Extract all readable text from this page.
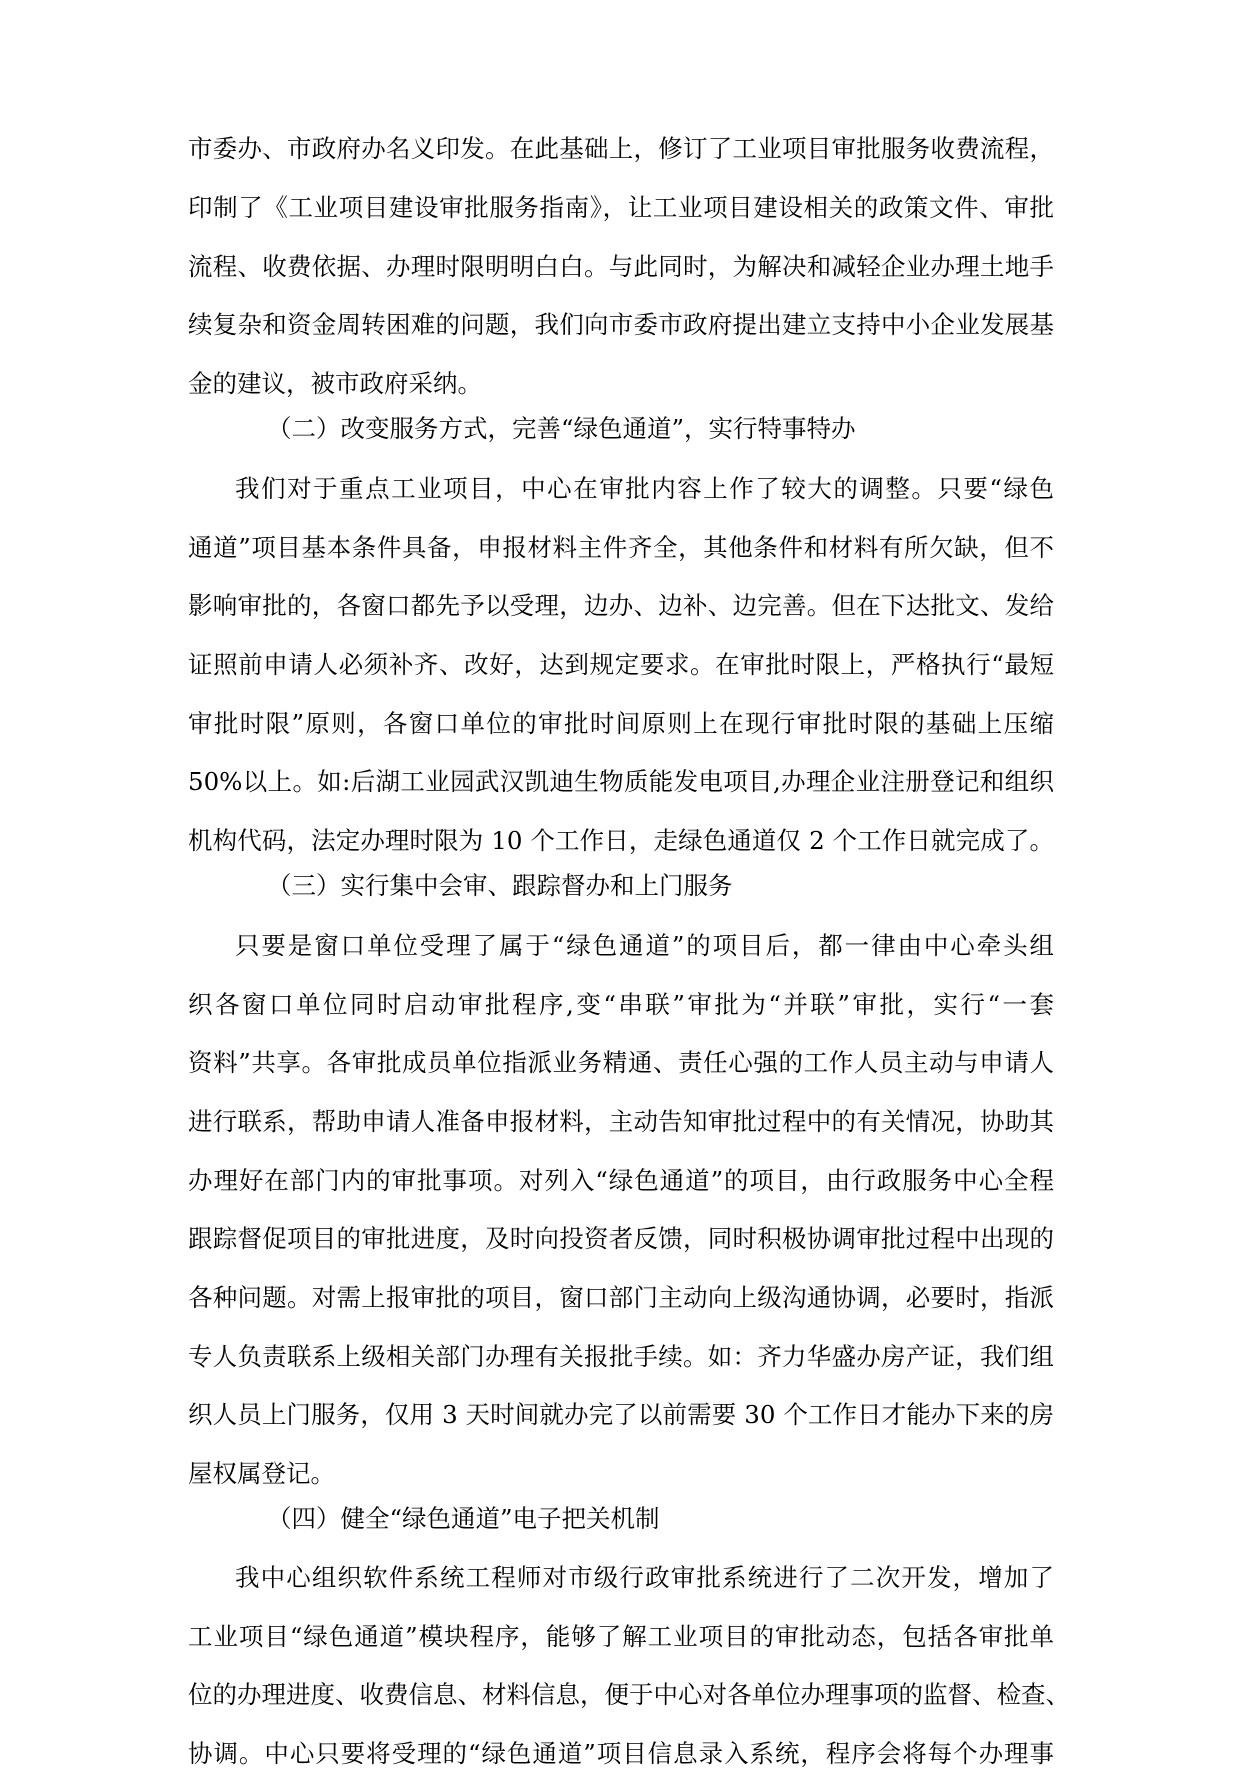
市委办、市政府办名义印发。在此基础上，修订了工业项目审批服务收费流程，
印制了《工业项目建设审批服务指南》，让工业项目建设相关的政策文件、审批
流程、收费依据、办理时限明明白白。与此同时，为解决和减轻企业办理土地手
续复杂和资金周转困难的问题，我们向市委市政府提出建立支持中小企业发展基
金的建议，被市政府采纳。
（二）改变服务方式，完善“绿色通道”，实行特事特办
我们对于重点工业项目，中心在审批内容上作了较大的调整。只要“绿色
通道”项目基本条件具备，申报材料主件齐全，其他条件和材料有所欠缺，但不
影响审批的，各窗口都先予以受理，边办、边补、边完善。但在下达批文、发给
证照前申请人必须补齐、改好，达到规定要求。在审批时限上，严格执行“最短
审批时限”原则，各窗口单位的审批时间原则上在现行审批时限的基础上压缩
50%以上。如:后湖工业园武汉凯迪生物质能发电项目,办理企业注册登记和组织
机构代码，法定办理时限为 10 个工作日，走绿色通道仅 2 个工作日就完成了。
（三）实行集中会审、跟踪督办和上门服务
只要是窗口单位受理了属于“绿色通道”的项目后，都一律由中心牵头组
织各窗口单位同时启动审批程序,变“串联”审批为“并联”审批，实行“一套
资料”共享。各审批成员单位指派业务精通、责任心强的工作人员主动与申请人
进行联系，帮助申请人准备申报材料，主动告知审批过程中的有关情况，协助其
办理好在部门内的审批事项。对列入“绿色通道”的项目，由行政服务中心全程
跟踪督促项目的审批进度，及时向投资者反馈，同时积极协调审批过程中出现的
各种问题。对需上报审批的项目，窗口部门主动向上级沟通协调，必要时，指派
专人负责联系上级相关部门办理有关报批手续。如：齐力华盛办房产证，我们组
织人员上门服务，仅用 3 天时间就办完了以前需要 30 个工作日才能办下来的房
屋权属登记。
（四）健全“绿色通道”电子把关机制
我中心组织软件系统工程师对市级行政审批系统进行了二次开发，增加了
工业项目“绿色通道”模块程序，能够了解工业项目的审批动态，包括各审批单
位的办理进度、收费信息、材料信息，便于中心对各单位办理事项的监督、检查、
协调。中心只要将受理的“绿色通道”项目信息录入系统，程序会将每个办理事
